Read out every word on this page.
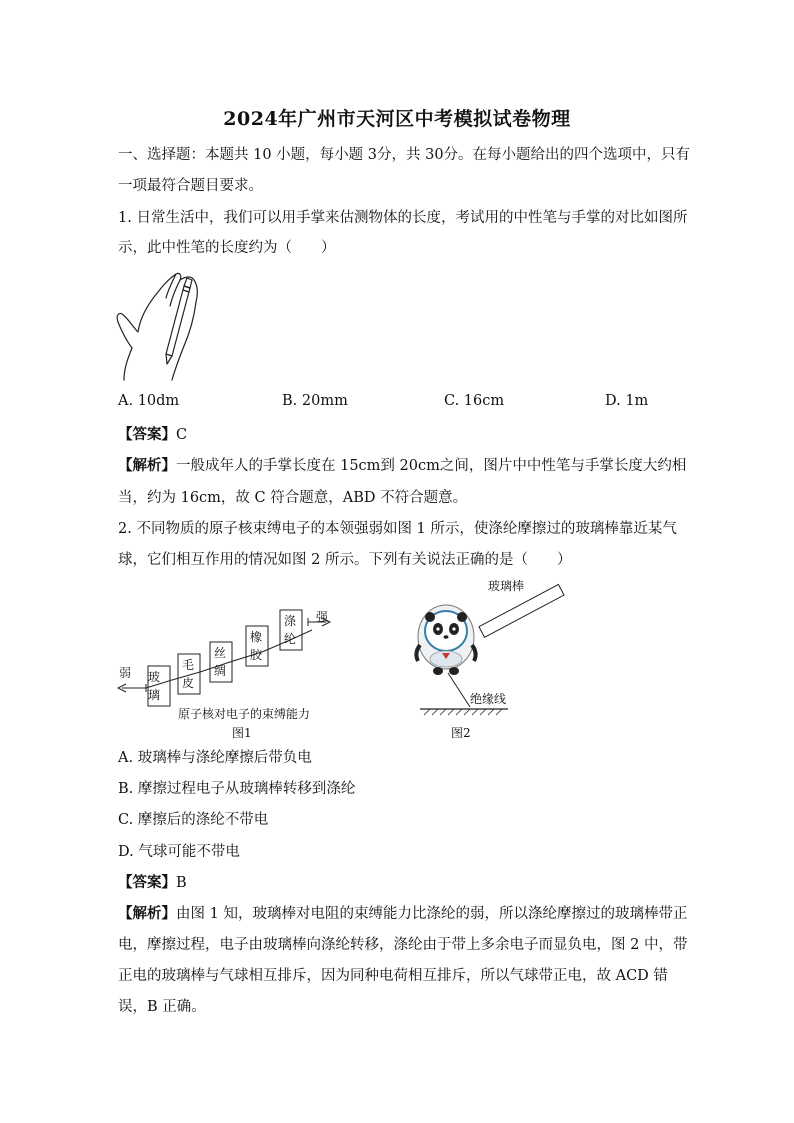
2024年广州市天河区中考模拟试卷物理
一、选择题：本题共 10 小题，每小题 3分，共 30分。在每小题给出的四个选项中，只有
一项最符合题目要求。
1. 日常生活中，我们可以用手掌来估测物体的长度，考试用的中性笔与手掌的对比如图所
示，此中性笔的长度约为（　　）
A. 10dm	B. 20mm	C. 16cm	D. 1m
【答案】C
【解析】一般成年人的手掌长度在 15cm到 20cm之间，图片中中性笔与手掌长度大约相
当，约为 16cm，故 C 符合题意，ABD 不符合题意。
2. 不同物质的原子核束缚电子的本领强弱如图 1 所示，使涤纶摩擦过的玻璃棒靠近某气
球，它们相互作用的情况如图 2 所示。下列有关说法正确的是（　　）
弱
强
玻
璃
毛
皮
丝
绸
橡
胶
涤
纶
原子核对电子的束缚能力
图1
玻璃棒
绝缘线
图2
A. 玻璃棒与涤纶摩擦后带负电
B. 摩擦过程电子从玻璃棒转移到涤纶
C. 摩擦后的涤纶不带电
D. 气球可能不带电
【答案】B
【解析】由图 1 知，玻璃棒对电阻的束缚能力比涤纶的弱，所以涤纶摩擦过的玻璃棒带正
电，摩擦过程，电子由玻璃棒向涤纶转移，涤纶由于带上多余电子而显负电，图 2 中，带
正电的玻璃棒与气球相互排斥，因为同种电荷相互排斥，所以气球带正电，故 ACD 错
误，B 正确。
